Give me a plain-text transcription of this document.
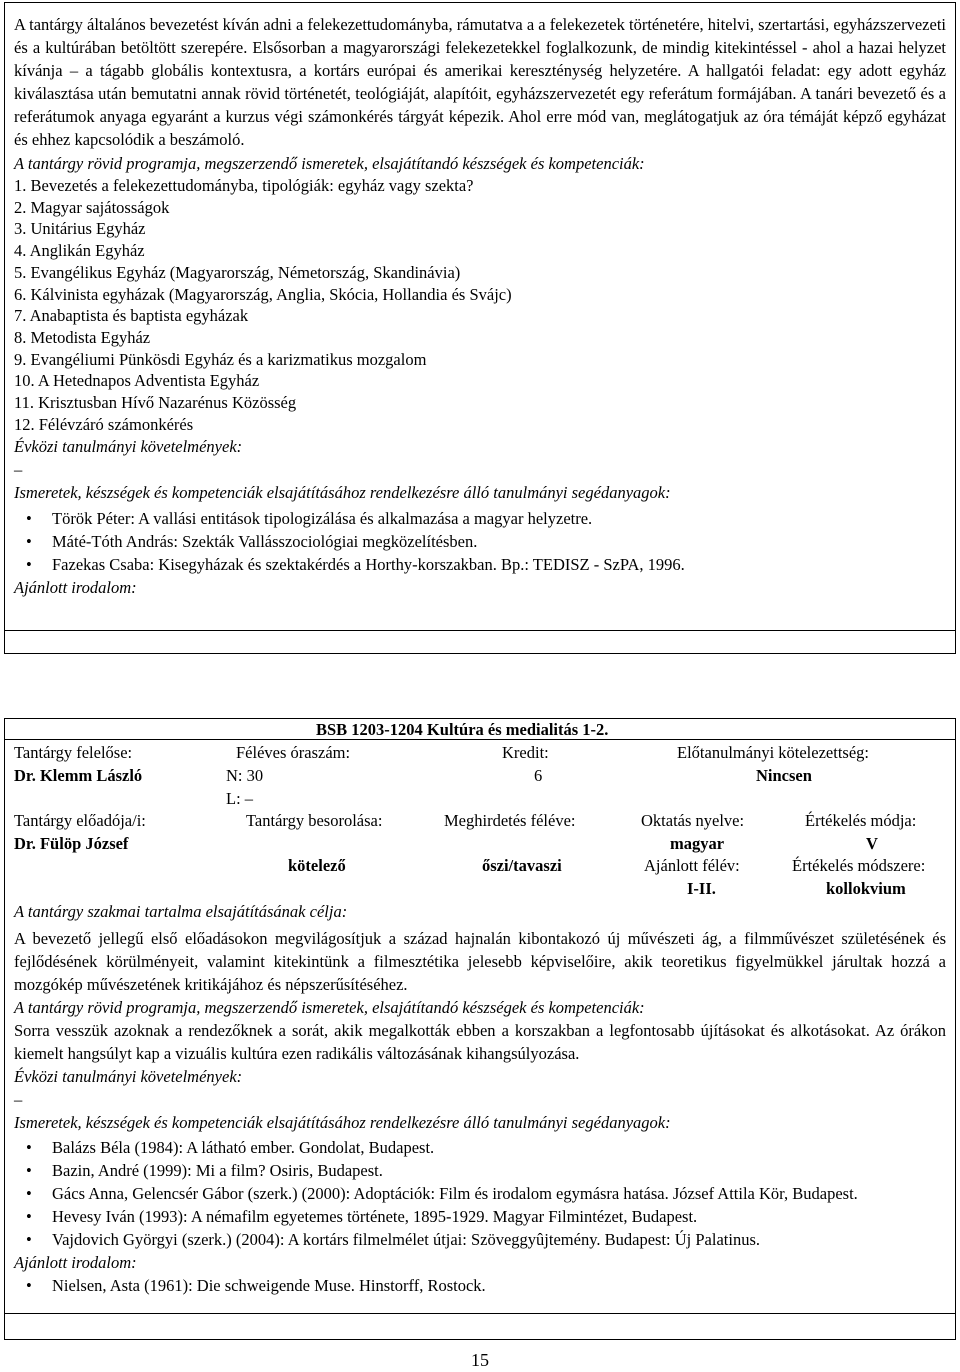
A tantárgy általános bevezetést kíván adni a felekezettudományba, rámutatva a a felekezetek történetére, hitelvi, szertartási, egyházszervezeti és a kultúrában betöltött szerepére. Elsősorban a magyarországi felekezetekkel foglalkozunk, de mindig kitekintéssel - ahol a hazai helyzet kívánja – a tágabb globális kontextusra, a kortárs európai és amerikai kereszténység helyzetére. A hallgatói feladat: egy adott egyház kiválasztása után bemutatni annak rövid történetét, teológiáját, alapítóit, egyházszervezetét egy referátum formájában. A tanári bevezető és a referátumok anyaga egyaránt a kurzus végi számonkérés tárgyát képezik. Ahol erre mód van, meglátogatjuk az óra témáját képző egyházat és ehhez kapcsolódik a beszámoló.

A tantárgy rövid programja, megszerzendő ismeretek, elsajátítandó készségek és kompetenciák:

1. Bevezetés a felekezettudományba, tipológiák: egyház vagy szekta?
2. Magyar sajátosságok
3. Unitárius Egyház
4. Anglikán Egyház
5. Evangélikus Egyház (Magyarország, Németország, Skandinávia)
6. Kálvinista egyházak (Magyarország, Anglia, Skócia, Hollandia és Svájc)
7. Anabaptista és baptista egyházak
8. Metodista Egyház
9. Evangéliumi Pünkösdi Egyház és a karizmatikus mozgalom
10. A Hetednapos Adventista Egyház
11. Krisztusban Hívő Nazarénus Közösség
12. Félévzáró számonkérés

Évközi tanulmányi követelmények:

–

Ismeretek, készségek és kompetenciák elsajátításához rendelkezésre álló tanulmányi segédanyagok:

• Török Péter: A vallási entitások tipologizálása és alkalmazása a magyar helyzetre.
• Máté-Tóth András: Szekták Vallásszociológiai megközelítésben.
• Fazekas Csaba: Kisegyházak és szektakérdés a Horthy-korszakban. Bp.: TEDISZ - SzPA, 1996.

Ajánlott irodalom:

BSB 1203-1204 Kultúra és medialitás 1-2.
Tantárgy felelőse:
Dr. Klemm László
Féléves óraszám:
N: 30
L: –
Kredit:
6
Előtanulmányi kötelezettség:
Nincsen
Tantárgy előadója/i:
Dr. Fülöp József
Tantárgy besorolása:
kötelező
Meghirdetés féléve:
őszi/tavaszi
Oktatás nyelve:
magyar
Ajánlott félév:
I-II.
Értékelés módja:
V
Értékelés módszere:
kollokvium
A tantárgy szakmai tartalma elsajátításának célja:

A bevezető jellegű első előadásokon megvilágosítjuk a század hajnalán kibontakozó új művészeti ág, a filmművészet születésének és fejlődésének körülményeit, valamint kitekintünk a filmesztétika jelesebb képviselőire, akik teoretikus figyelmükkel járultak hozzá a mozgókép művészetének kritikájához és népszerűsítéséhez.

A tantárgy rövid programja, megszerzendő ismeretek, elsajátítandó készségek és kompetenciák:

Sorra vesszük azoknak a rendezőknek a sorát, akik megalkották ebben a korszakban a legfontosabb újításokat és alkotásokat. Az órákon kiemelt hangsúlyt kap a vizuális kultúra ezen radikális változásának kihangsúlyozása.

Évközi tanulmányi követelmények:

–

Ismeretek, készségek és kompetenciák elsajátításához rendelkezésre álló tanulmányi segédanyagok:

• Balázs Béla (1984): A látható ember. Gondolat, Budapest.
• Bazin, André (1999): Mi a film? Osiris, Budapest.
• Gács Anna, Gelencsér Gábor (szerk.) (2000): Adoptációk: Film és irodalom egymásra hatása. József Attila Kör, Budapest.
• Hevesy Iván (1993): A némafilm egyetemes története, 1895-1929. Magyar Filmintézet, Budapest.
• Vajdovich Györgyi (szerk.) (2004): A kortárs filmelmélet útjai: Szöveggyûjtemény. Budapest: Új Palatinus.

Ajánlott irodalom:

• Nielsen, Asta (1961): Die schweigende Muse. Hinstorff, Rostock.
15
